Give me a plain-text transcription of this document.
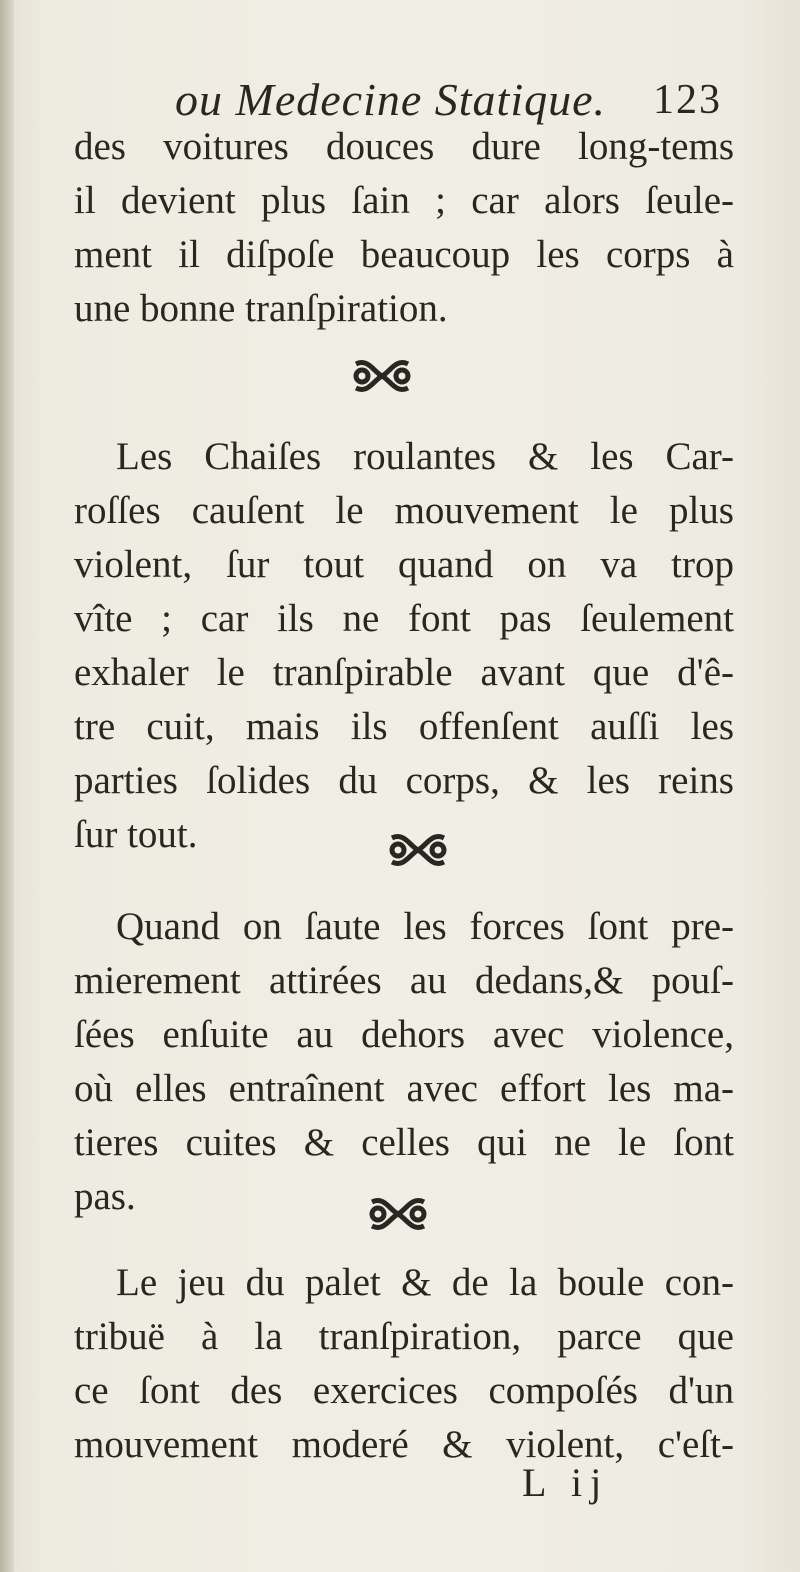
ou Medecine Statique. 123
des voitures douces dure long-tems
il devient plus ſain ; car alors ſeule-
ment il diſpoſe beaucoup les corps à
une bonne tranſpiration.
Les Chaiſes roulantes & les Car-
roſſes cauſent le mouvement le plus
violent, ſur tout quand on va trop
vîte ; car ils ne font pas ſeulement
exhaler le tranſpirable avant que d'ê-
tre cuit, mais ils offenſent auſſi les
parties ſolides du corps, & les reins
ſur tout.
Quand on ſaute les forces ſont pre-
mierement attirées au dedans,& pouſ-
ſées enſuite au dehors avec violence,
où elles entraînent avec effort les ma-
tieres cuites & celles qui ne le ſont
pas.
Le jeu du palet & de la boule con-
tribuë à la tranſpiration, parce que
ce ſont des exercices compoſés d'un
mouvement moderé & violent, c'eſt-
L ij
